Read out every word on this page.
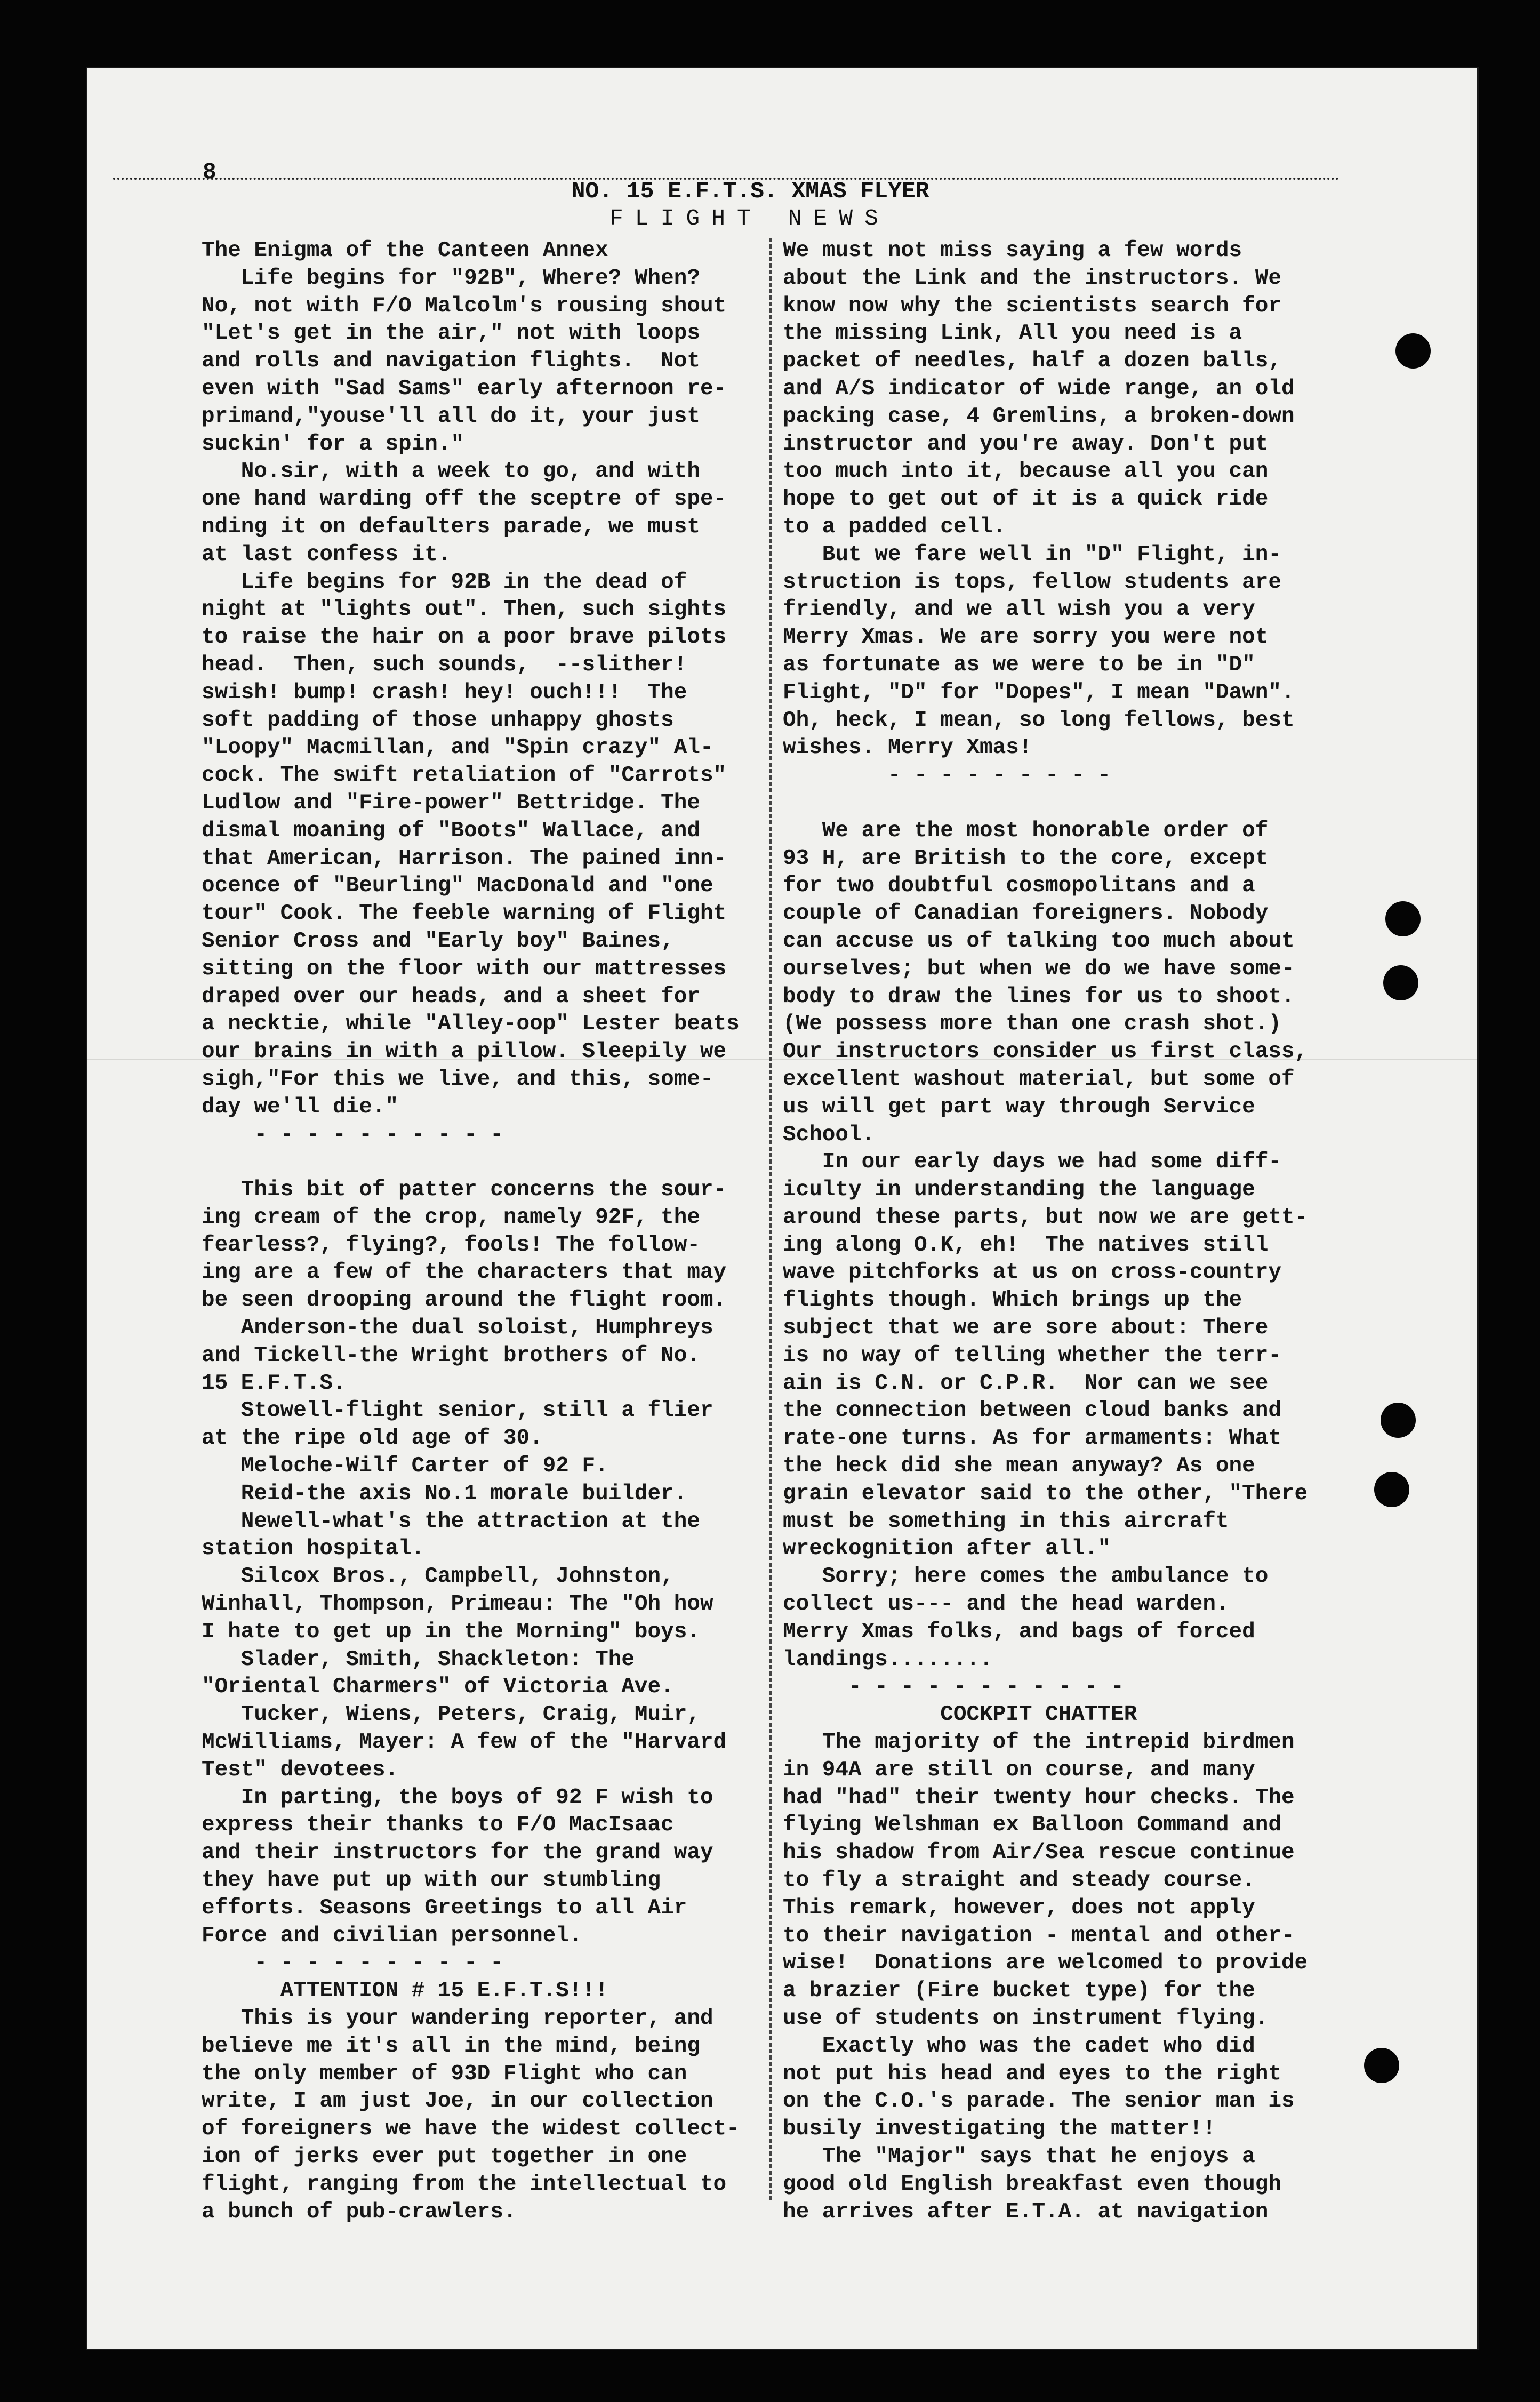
8

NO. 15 E.F.T.S. XMAS FLYER

FLIGHT NEWS
The Enigma of the Canteen Annex
Life begins for "92B", Where? When?
No, not with F/O Malcolm's rousing shout
"Let's get in the air," not with loops
and rolls and navigation flights.  Not
even with "Sad Sams" early afternoon re-
primand,"youse'll all do it, your just
suckin' for a spin."
No.sir, with a week to go, and with
one hand warding off the sceptre of spe-
nding it on defaulters parade, we must
at last confess it.
Life begins for 92B in the dead of
night at "lights out". Then, such sights
to raise the hair on a poor brave pilots
head.  Then, such sounds,  --slither!
swish! bump! crash! hey! ouch!!!  The
soft padding of those unhappy ghosts
"Loopy" Macmillan, and "Spin crazy" Al-
cock. The swift retaliation of "Carrots"
Ludlow and "Fire-power" Bettridge. The
dismal moaning of "Boots" Wallace, and
that American, Harrison. The pained inn-
ocence of "Beurling" MacDonald and "one
tour" Cook. The feeble warning of Flight
Senior Cross and "Early boy" Baines,
sitting on the floor with our mattresses
draped over our heads, and a sheet for
a necktie, while "Alley-oop" Lester beats
our brains in with a pillow. Sleepily we
sigh,"For this we live, and this, some-
day we'll die."
- - - - - - - - - -
This bit of patter concerns the sour-
ing cream of the crop, namely 92F, the
fearless?, flying?, fools! The follow-
ing are a few of the characters that may
be seen drooping around the flight room.
Anderson-the dual soloist, Humphreys
and Tickell-the Wright brothers of No.
15 E.F.T.S.
Stowell-flight senior, still a flier
at the ripe old age of 30.
Meloche-Wilf Carter of 92 F.
Reid-the axis No.1 morale builder.
Newell-what's the attraction at the
station hospital.
Silcox Bros., Campbell, Johnston,
Winhall, Thompson, Primeau: The "Oh how
I hate to get up in the Morning" boys.
Slader, Smith, Shackleton: The
"Oriental Charmers" of Victoria Ave.
Tucker, Wiens, Peters, Craig, Muir,
McWilliams, Mayer: A few of the "Harvard
Test" devotees.
In parting, the boys of 92 F wish to
express their thanks to F/O MacIsaac
and their instructors for the grand way
they have put up with our stumbling
efforts. Seasons Greetings to all Air
Force and civilian personnel.
- - - - - - - - - -
ATTENTION # 15 E.F.T.S!!!
This is your wandering reporter, and
believe me it's all in the mind, being
the only member of 93D Flight who can
write, I am just Joe, in our collection
of foreigners we have the widest collect-
ion of jerks ever put together in one
flight, ranging from the intellectual to
a bunch of pub-crawlers.
We must not miss saying a few words
about the Link and the instructors. We
know now why the scientists search for
the missing Link, All you need is a
packet of needles, half a dozen balls,
and A/S indicator of wide range, an old
packing case, 4 Gremlins, a broken-down
instructor and you're away. Don't put
too much into it, because all you can
hope to get out of it is a quick ride
to a padded cell.
But we fare well in "D" Flight, in-
struction is tops, fellow students are
friendly, and we all wish you a very
Merry Xmas. We are sorry you were not
as fortunate as we were to be in "D"
Flight, "D" for "Dopes", I mean "Dawn".
Oh, heck, I mean, so long fellows, best
wishes. Merry Xmas!
- - - - - - - - -
We are the most honorable order of
93 H, are British to the core, except
for two doubtful cosmopolitans and a
couple of Canadian foreigners. Nobody
can accuse us of talking too much about
ourselves; but when we do we have some-
body to draw the lines for us to shoot.
(We possess more than one crash shot.)
Our instructors consider us first class,
excellent washout material, but some of
us will get part way through Service
School.
In our early days we had some diff-
iculty in understanding the language
around these parts, but now we are gett-
ing along O.K, eh!  The natives still
wave pitchforks at us on cross-country
flights though. Which brings up the
subject that we are sore about: There
is no way of telling whether the terr-
ain is C.N. or C.P.R.  Nor can we see
the connection between cloud banks and
rate-one turns. As for armaments: What
the heck did she mean anyway? As one
grain elevator said to the other, "There
must be something in this aircraft
wreckognition after all."
Sorry; here comes the ambulance to
collect us--- and the head warden.
Merry Xmas folks, and bags of forced
landings........
- - - - - - - - - - -
COCKPIT CHATTER
The majority of the intrepid birdmen
in 94A are still on course, and many
had "had" their twenty hour checks. The
flying Welshman ex Balloon Command and
his shadow from Air/Sea rescue continue
to fly a straight and steady course.
This remark, however, does not apply
to their navigation - mental and other-
wise!  Donations are welcomed to provide
a brazier (Fire bucket type) for the
use of students on instrument flying.
Exactly who was the cadet who did
not put his head and eyes to the right
on the C.O.'s parade. The senior man is
busily investigating the matter!!
The "Major" says that he enjoys a
good old English breakfast even though
he arrives after E.T.A. at navigation
